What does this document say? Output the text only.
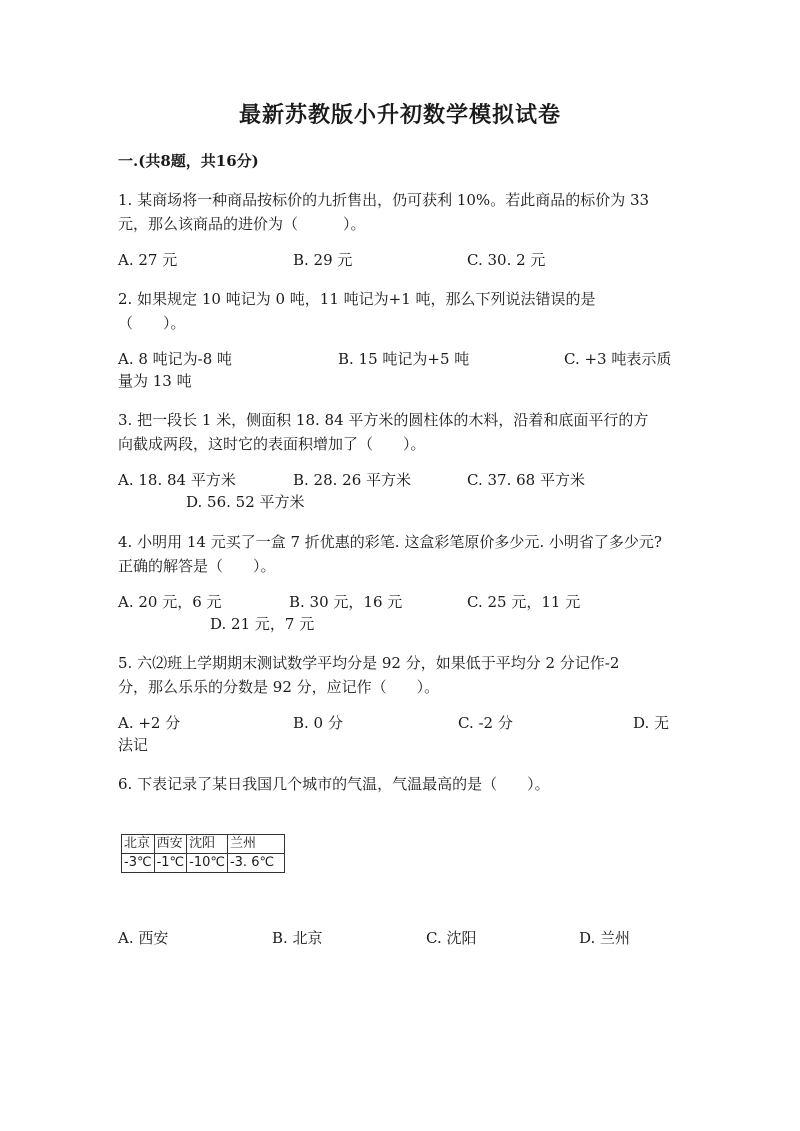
最新苏教版小升初数学模拟试卷
一.(共8题，共16分)
1. 某商场将一种商品按标价的九折售出，仍可获利 10%。若此商品的标价为 33
元，那么该商品的进价为（　　　）。
A. 27 元	B. 29 元	C. 30. 2 元
2. 如果规定 10 吨记为 0 吨，11 吨记为+1 吨，那么下列说法错误的是
（　　）。
A. 8 吨记为-8 吨	B. 15 吨记为+5 吨	C. +3 吨表示质
量为 13 吨
3. 把一段长 1 米，侧面积 18. 84 平方米的圆柱体的木料，沿着和底面平行的方
向截成两段，这时它的表面积增加了（　　）。
A. 18. 84 平方米	B. 28. 26 平方米	C. 37. 68 平方米
D. 56. 52 平方米
4. 小明用 14 元买了一盒 7 折优惠的彩笔. 这盒彩笔原价多少元. 小明省了多少元?
正确的解答是（　　）。
A. 20 元，6 元	B. 30 元，16 元	C. 25 元，11 元
D. 21 元，7 元
5. 六⑵班上学期期末测试数学平均分是 92 分，如果低于平均分 2 分记作-2
分，那么乐乐的分数是 92 分，应记作（　　）。
A. +2 分	B. 0 分	C. -2 分	D. 无
法记
6. 下表记录了某日我国几个城市的气温，气温最高的是（　　）。
北京	西安	沈阳	兰州
-3℃	-1℃	-10℃	-3. 6℃
A. 西安	B. 北京	C. 沈阳	D. 兰州
